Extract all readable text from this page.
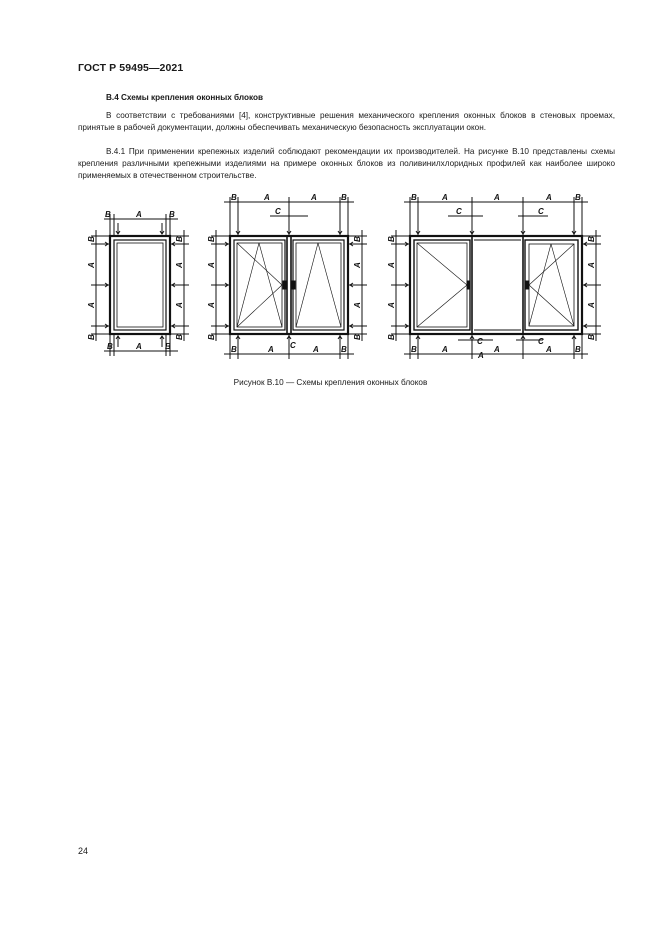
ГОСТ Р 59495—2021
В.4 Схемы крепления оконных блоков
В соответствии с требованиями [4], конструктивные решения механического крепления оконных блоков в стеновых проемах, принятые в рабочей документации, должны обеспечивать механическую безопасность эксплуатации окон.
В.4.1 При применении крепежных изделий соблюдают рекомендации их производителей. На рисунке В.10 представлены схемы крепления различными крепежными изделиями на примере оконных блоков из поливинилхлоридных профилей как наиболее широко применяемых в отечественном строительстве.
B	A	B
B	A	B
B
A
A
B
B
A
A
B
B	A	A	B
C
B	A C A	B
B
A
A
B
B
A
A
B
B	A	A	A	B
C	C
B	A
C
A
A
C
A	B
B
A
A
B
B
A
A
B
Рисунок В.10 — Схемы крепления оконных блоков
24
